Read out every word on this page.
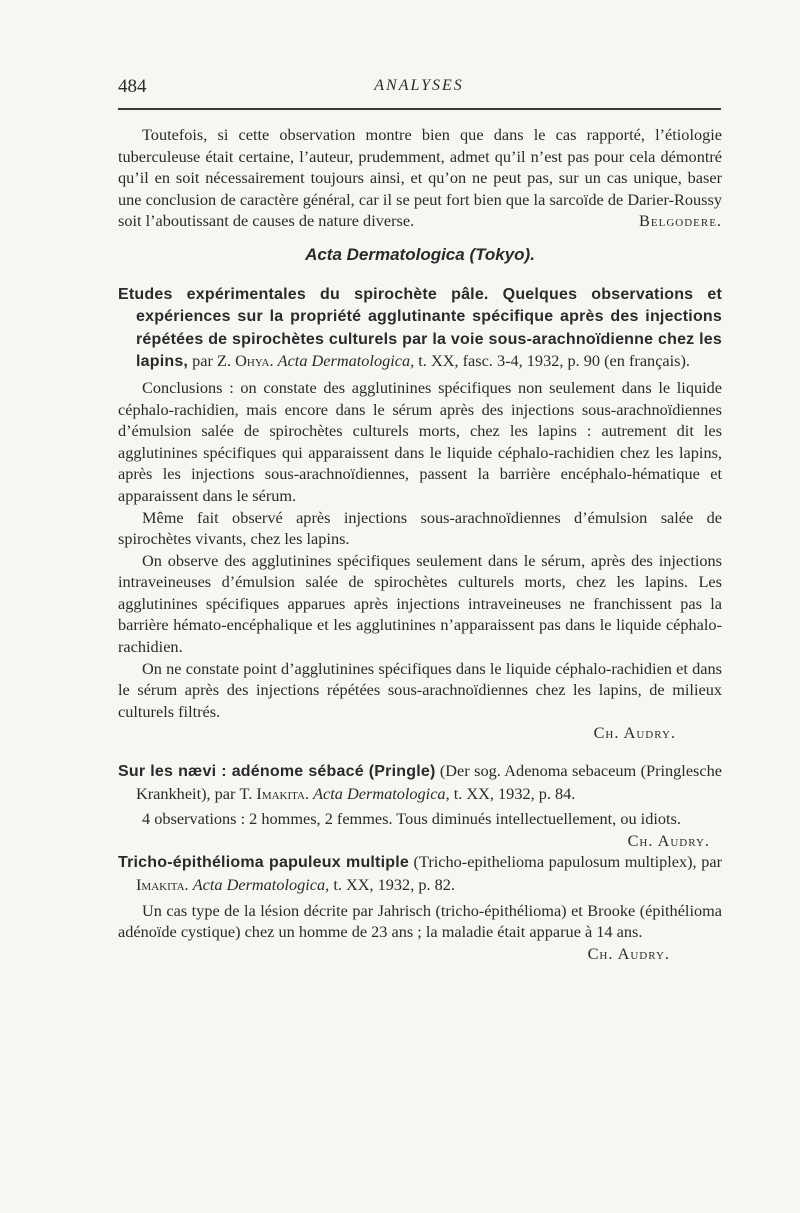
484	ANALYSES

Toutefois, si cette observation montre bien que dans le cas rapporté, l’étiologie tuberculeuse était certaine, l’auteur, prudemment, admet qu’il n’est pas pour cela démontré qu’il en soit nécessairement toujours ainsi, et qu’on ne peut pas, sur un cas unique, baser une conclusion de caractère général, car il se peut fort bien que la sarcoïde de Darier-Roussy soit l’aboutissant de causes de nature diverse.	Belgodere.

Acta Dermatologica (Tokyo).

Etudes expérimentales du spirochète pâle. Quelques observations et expériences sur la propriété agglutinante spécifique après des injections répétées de spirochètes culturels par la voie sous-arachnoïdienne chez les lapins, par Z. Ohya. Acta Dermatologica, t. XX, fasc. 3-4, 1932, p. 90 (en français).

Conclusions : on constate des agglutinines spécifiques non seulement dans le liquide céphalo-rachidien, mais encore dans le sérum après des injections sous-arachnoïdiennes d’émulsion salée de spirochètes culturels morts, chez les lapins : autrement dit les agglutinines spécifiques qui apparaissent dans le liquide céphalo-rachidien chez les lapins, après les injections sous-arachnoïdiennes, passent la barrière encéphalo-hématique et apparaissent dans le sérum.

Même fait observé après injections sous-arachnoïdiennes d’émulsion salée de spirochètes vivants, chez les lapins.

On observe des agglutinines spécifiques seulement dans le sérum, après des injections intraveineuses d’émulsion salée de spirochètes culturels morts, chez les lapins. Les agglutinines spécifiques apparues après injections intraveineuses ne franchissent pas la barrière hémato-encéphalique et les agglutinines n’apparaissent pas dans le liquide céphalo-rachidien.

On ne constate point d’agglutinines spécifiques dans le liquide céphalo-rachidien et dans le sérum après des injections répétées sous-arachnoïdiennes chez les lapins, de milieux culturels filtrés.

Ch. Audry.

Sur les nævi : adénome sébacé (Pringle) (Der sog. Adenoma sebaceum (Pringlesche Krankheit), par T. Imakita. Acta Dermatologica, t. XX, 1932, p. 84.

4 observations : 2 hommes, 2 femmes. Tous diminués intellectuellement, ou idiots.
Ch. Audry.

Tricho-épithélioma papuleux multiple (Tricho-epithelioma papulosum multiplex), par Imakita. Acta Dermatologica, t. XX, 1932, p. 82.

Un cas type de la lésion décrite par Jahrisch (tricho-épithélioma) et Brooke (épithélioma adénoïde cystique) chez un homme de 23 ans ; la maladie était apparue à 14 ans.
Ch. Audry.
